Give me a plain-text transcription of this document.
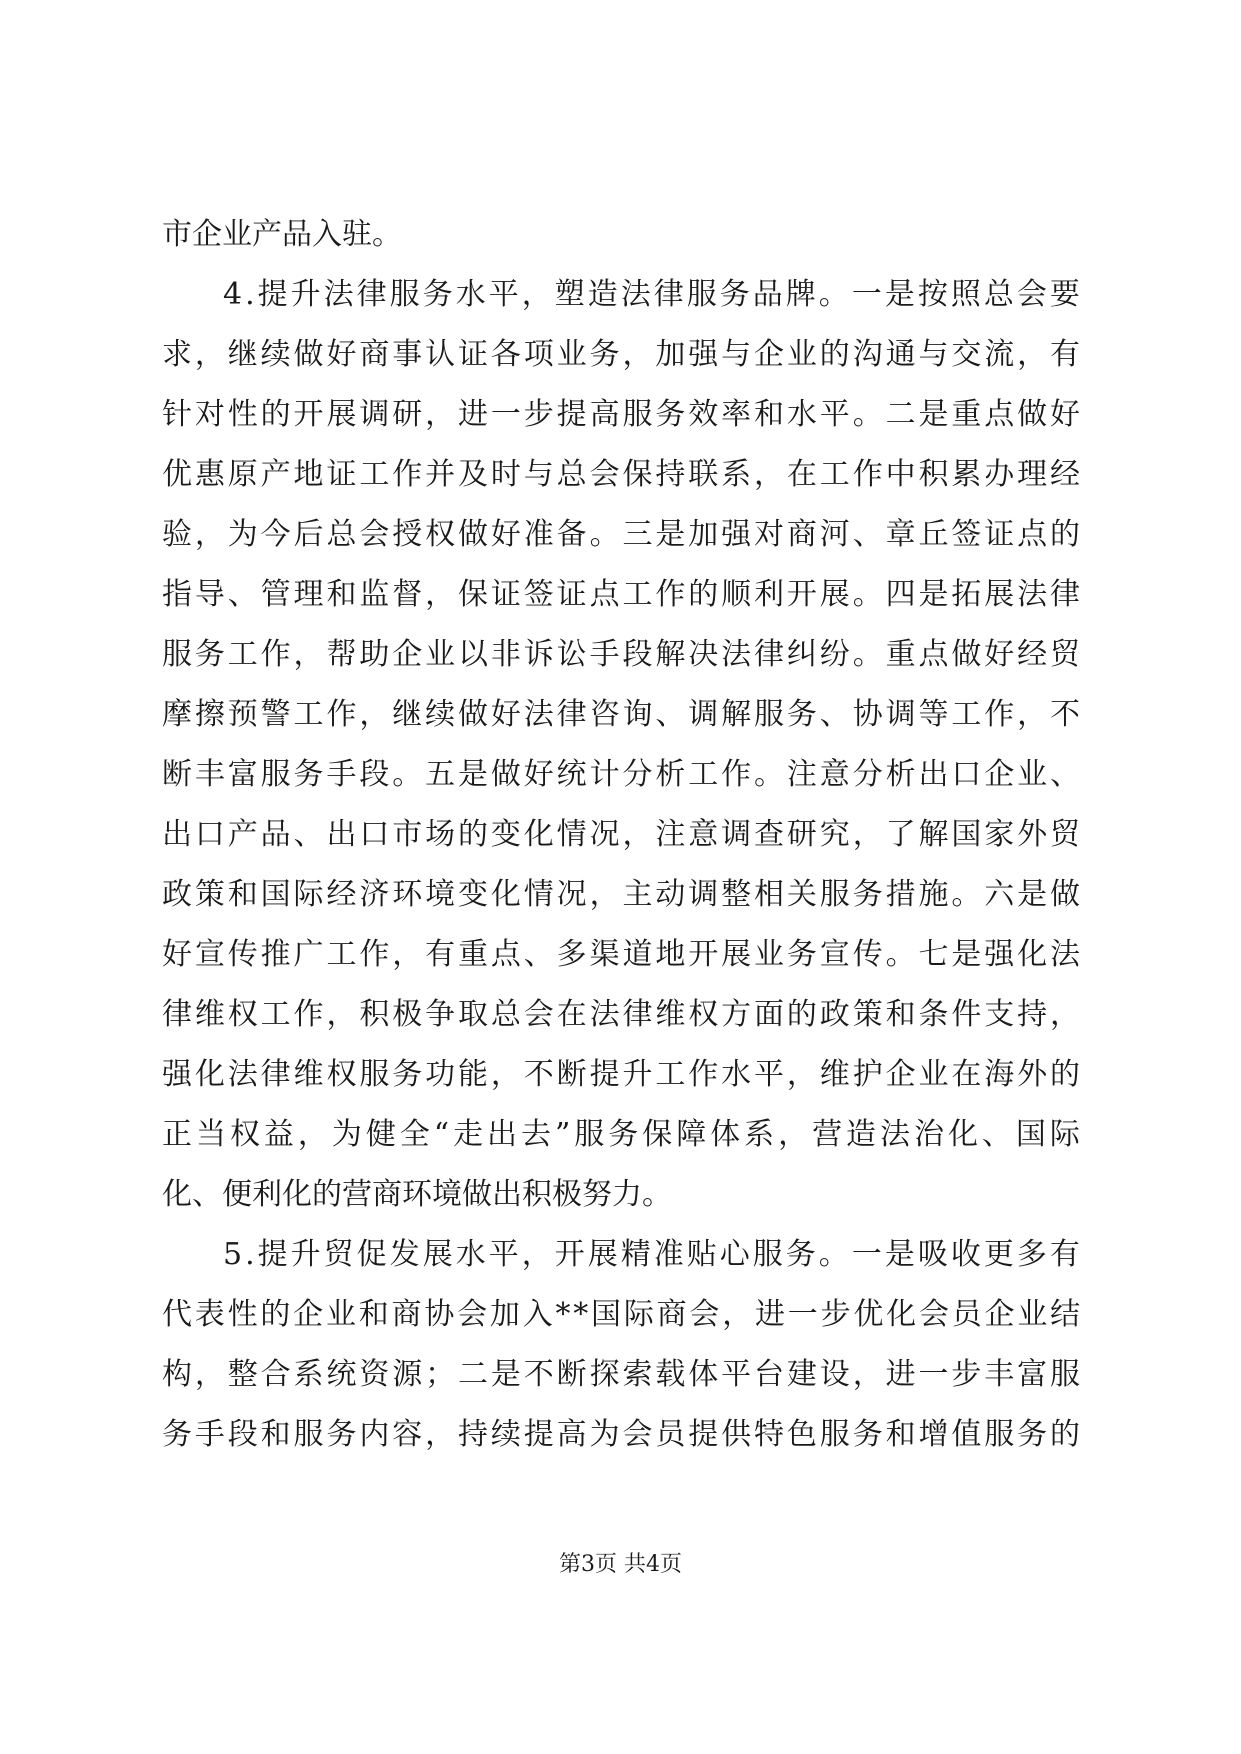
市企业产品入驻。
4.提升法律服务水平，塑造法律服务品牌。一是按照总会要
求，继续做好商事认证各项业务，加强与企业的沟通与交流，有
针对性的开展调研，进一步提高服务效率和水平。二是重点做好
优惠原产地证工作并及时与总会保持联系，在工作中积累办理经
验，为今后总会授权做好准备。三是加强对商河、章丘签证点的
指导、管理和监督，保证签证点工作的顺利开展。四是拓展法律
服务工作，帮助企业以非诉讼手段解决法律纠纷。重点做好经贸
摩擦预警工作，继续做好法律咨询、调解服务、协调等工作，不
断丰富服务手段。五是做好统计分析工作。注意分析出口企业、
出口产品、出口市场的变化情况，注意调查研究，了解国家外贸
政策和国际经济环境变化情况，主动调整相关服务措施。六是做
好宣传推广工作，有重点、多渠道地开展业务宣传。七是强化法
律维权工作，积极争取总会在法律维权方面的政策和条件支持，
强化法律维权服务功能，不断提升工作水平，维护企业在海外的
正当权益，为健全“走出去”服务保障体系，营造法治化、国际
化、便利化的营商环境做出积极努力。
5.提升贸促发展水平，开展精准贴心服务。一是吸收更多有
代表性的企业和商协会加入**国际商会，进一步优化会员企业结
构，整合系统资源；二是不断探索载体平台建设，进一步丰富服
务手段和服务内容，持续提高为会员提供特色服务和增值服务的
第3页 共4页
